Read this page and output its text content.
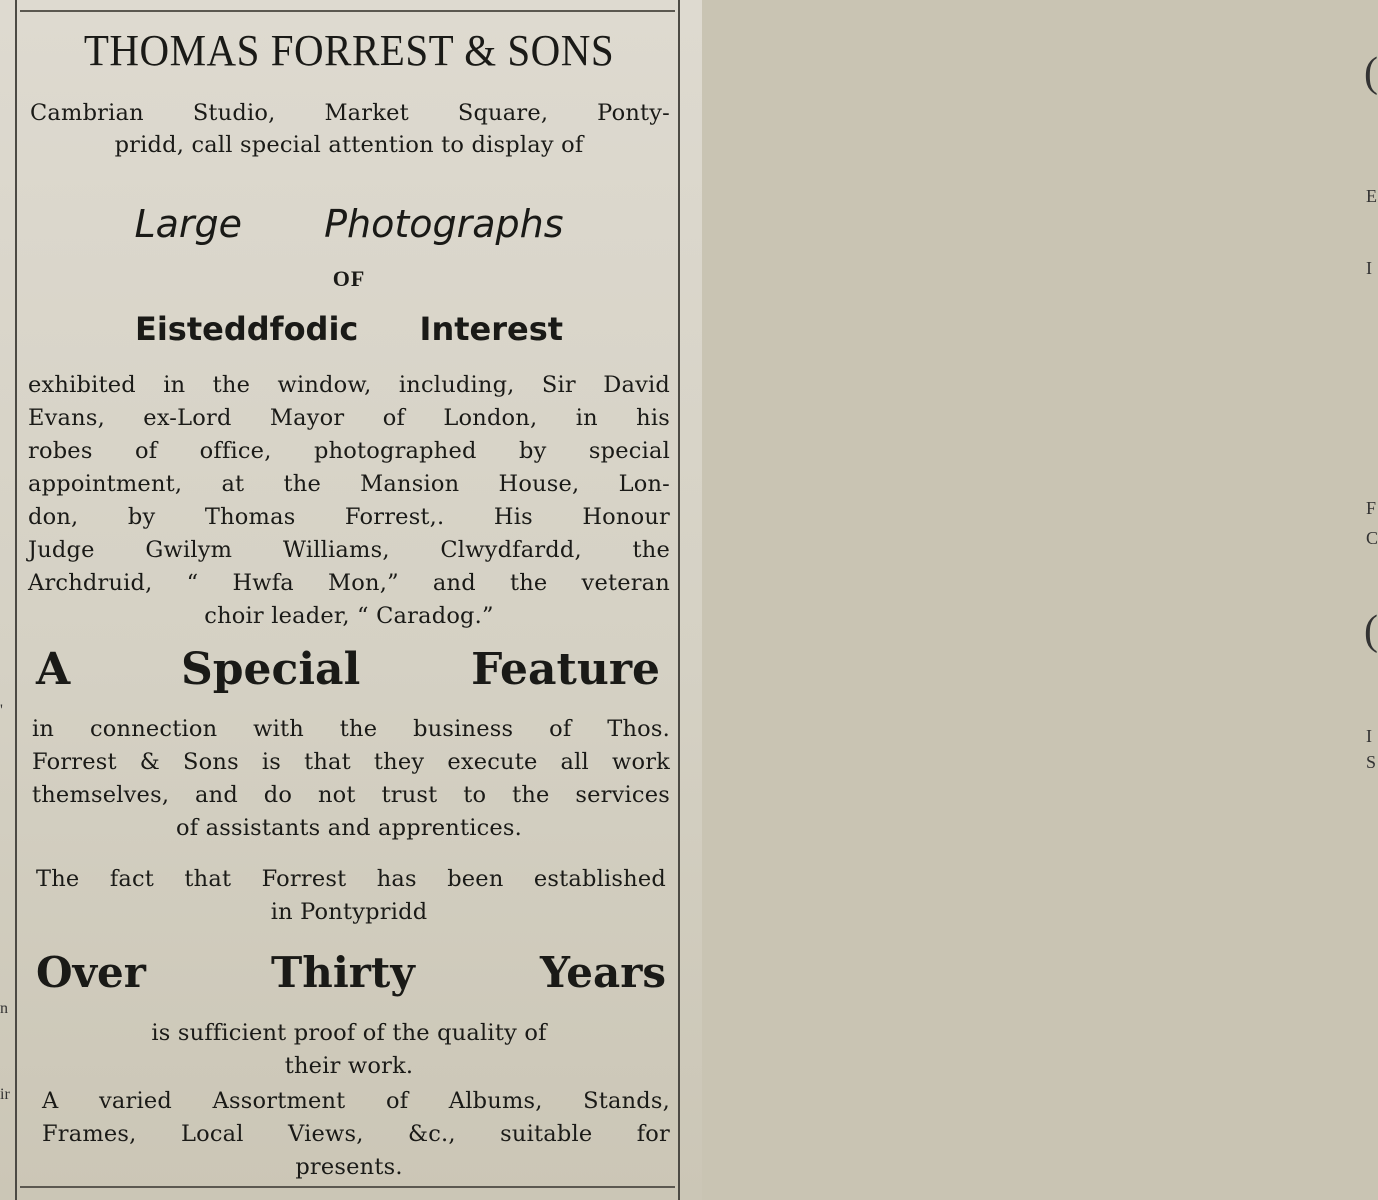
'
n
ir
(
E
I
F
C
(
I
S
THOMAS FORREST & SONS
Cambrian Studio, Market Square, Ponty-
pridd, call special attention to display of
Large Photographs
OF
Eisteddfodic Interest
exhibited in the window, including, Sir David
Evans, ex-Lord Mayor of London, in his
robes of office, photographed by special
appointment, at the Mansion House, Lon-
don, by Thomas Forrest,. His Honour
Judge Gwilym Williams, Clwydfardd, the
Archdruid, “ Hwfa Mon,” and the veteran
choir leader, “ Caradog.”
A Special Feature
in connection with the business of Thos.
Forrest & Sons is that they execute all work
themselves, and do not trust to the services
of assistants and apprentices.
The fact that Forrest has been established
in Pontypridd
Over Thirty Years
is sufficient proof of the quality of
their work.
A varied Assortment of Albums, Stands,
Frames, Local Views, &c., suitable for
presents.
